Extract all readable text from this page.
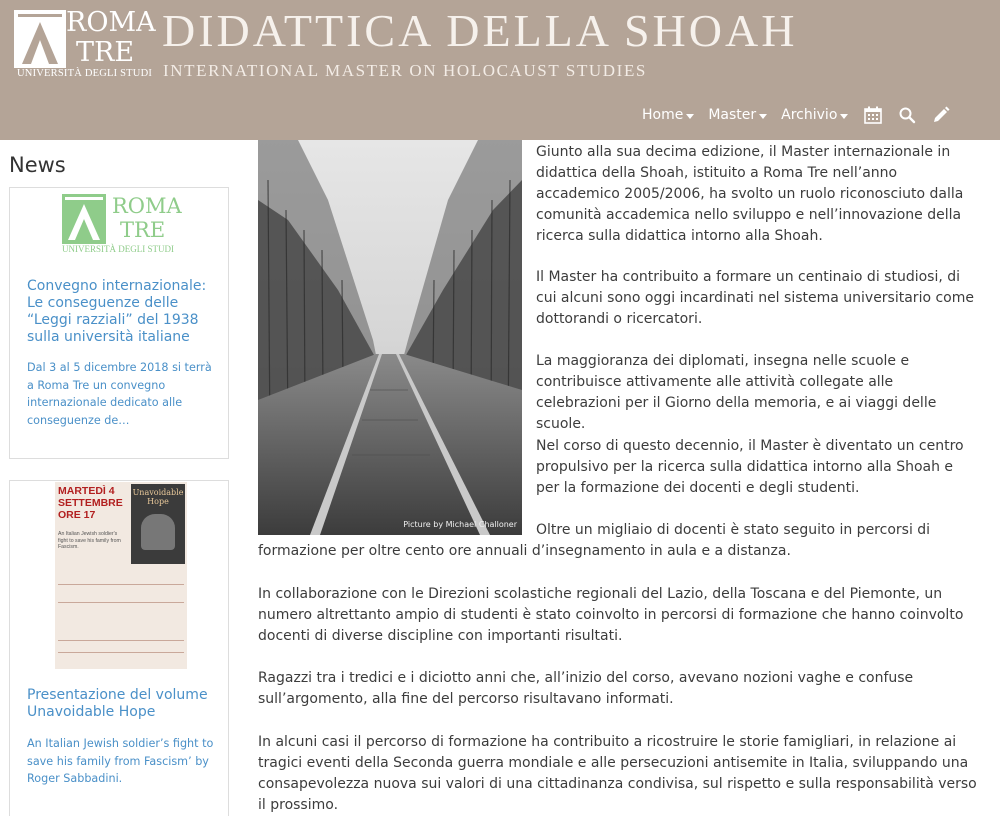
ROMA
TRE
UNIVERSITÀ DEGLI STUDI
DIDATTICA DELLA SHOAH
INTERNATIONAL MASTER ON HOLOCAUST STUDIES
Home Master Archivio
News
ROMA
TRE
UNIVERSITÀ DEGLI STUDI
Convegno internazionale: Le conseguenze delle “Leggi razziali” del 1938 sulla università italiane
Dal 3 al 5 dicembre 2018 si terrà a Roma Tre un convegno internazionale dedicato alle conseguenze de…
MARTEDÌ 4 SETTEMBRE ORE 17
Unavoidable Hope
An Italian Jewish soldier's fight to save his family from Fascism.
Presentazione del volume Unavoidable Hope
An Italian Jewish soldier’s fight to save his family from Fascism’ by Roger Sabbadini.
Picture by Michael Challoner

Giunto alla sua decima edizione, il Master internazionale in didattica della Shoah, istituito a Roma Tre nell’anno accademico 2005/2006, ha svolto un ruolo riconosciuto dalla comunità accademica nello sviluppo e nell’innovazione della ricerca sulla didattica intorno alla Shoah.

Il Master ha contribuito a formare un centinaio di studiosi, di cui alcuni sono oggi incardinati nel sistema universitario come dottorandi o ricercatori.

La maggioranza dei diplomati, insegna nelle scuole e contribuisce attivamente alle attività collegate alle celebrazioni per il Giorno della memoria, e ai viaggi delle scuole.

Nel corso di questo decennio, il Master è diventato un centro propulsivo per la ricerca sulla didattica intorno alla Shoah e per la formazione dei docenti e degli studenti.

Oltre un migliaio di docenti è stato seguito in percorsi di formazione per oltre cento ore annuali d’insegnamento in aula e a distanza.

In collaborazione con le Direzioni scolastiche regionali del Lazio, della Toscana e del Piemonte, un numero altrettanto ampio di studenti è stato coinvolto in percorsi di formazione che hanno coinvolto docenti di diverse discipline con importanti risultati.

Ragazzi tra i tredici e i diciotto anni che, all’inizio del corso, avevano nozioni vaghe e confuse sull’argomento, alla fine del percorso risultavano informati.

In alcuni casi il percorso di formazione ha contribuito a ricostruire le storie famigliari, in relazione ai tragici eventi della Seconda guerra mondiale e alle persecuzioni antisemite in Italia, sviluppando una consapevolezza nuova sui valori di una cittadinanza condivisa, sul rispetto e sulla responsabilità verso il prossimo.
